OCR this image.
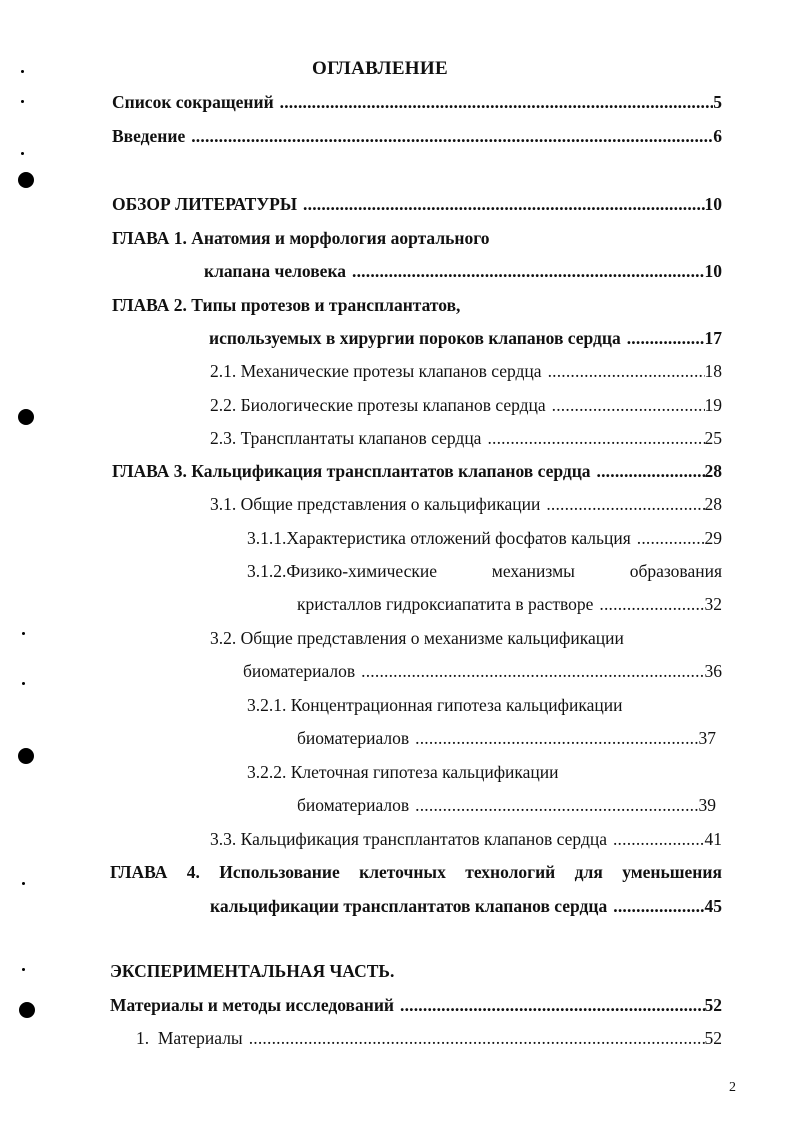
ОГЛАВЛЕНИЕ
Список сокращений .....	5
Введение .....	6
ОБЗОР ЛИТЕРАТУРЫ .....	10
ГЛАВА 1. Анатомия и морфология аортального
клапана человека .....	10
ГЛАВА 2. Типы протезов и трансплантатов,
используемых в хирургии пороков клапанов сердца .....	17
2.1. Механические протезы клапанов сердца .....	18
2.2. Биологические протезы клапанов сердца .....	19
2.3. Трансплантаты клапанов сердца .....	25
ГЛАВА 3. Кальцификация трансплантатов клапанов сердца .....	28
3.1. Общие представления о кальцификации .....	28
3.1.1.Характеристика отложений фосфатов кальция .....	29
3.1.2.Физико-химические	механизмы	образования
кристаллов гидроксиапатита в растворе .....	32
3.2. Общие представления о механизме кальцификации
биоматериалов .....	36
3.2.1. Концентрационная гипотеза кальцификации
биоматериалов .....	37
3.2.2. Клеточная гипотеза кальцификации
биоматериалов .....	39
3.3. Кальцификация трансплантатов клапанов сердца .....	41
ГЛАВА 4. Использование клеточных технологий для уменьшения
кальцификации трансплантатов клапанов сердца .....	45
ЭКСПЕРИМЕНТАЛЬНАЯ ЧАСТЬ.
Материалы и методы исследований .....	52
1.  Материалы .....	52
2
